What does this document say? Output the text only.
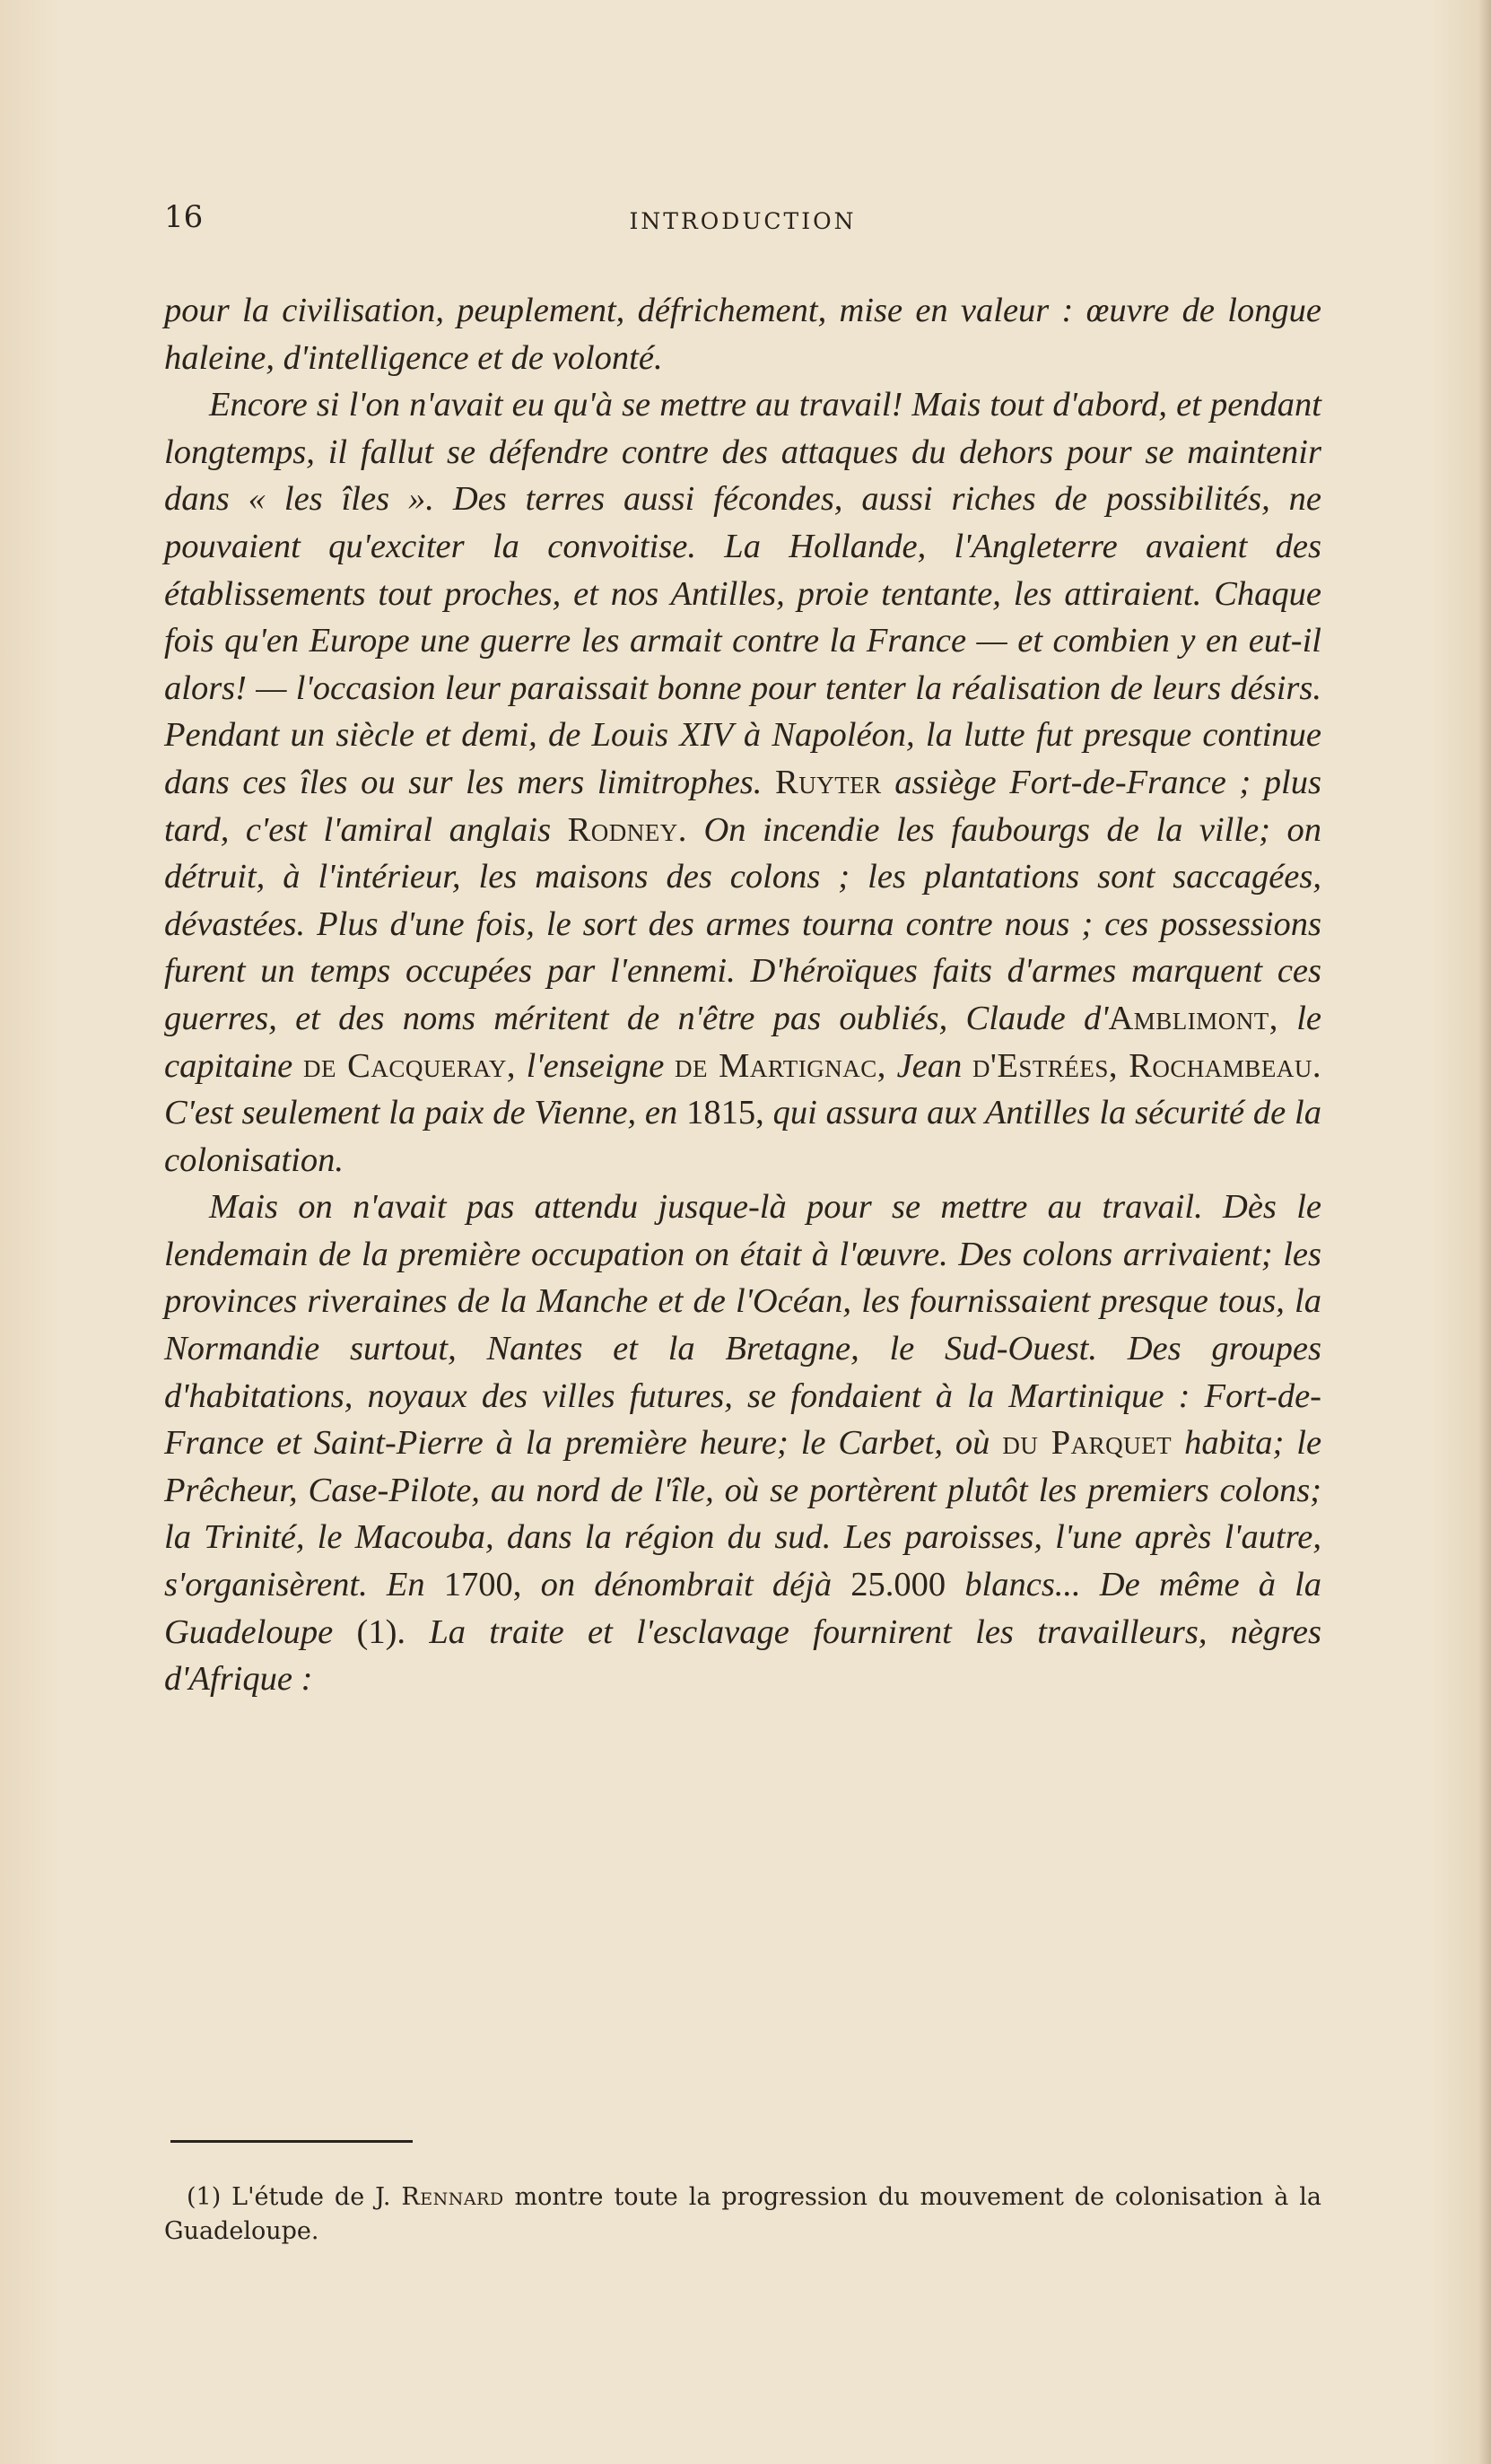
16	INTRODUCTION

pour la civilisation, peuplement, défrichement, mise en valeur : œuvre de longue haleine, d'intelligence et de volonté.

Encore si l'on n'avait eu qu'à se mettre au travail! Mais tout d'abord, et pendant longtemps, il fallut se défendre contre des attaques du dehors pour se maintenir dans « les îles ». Des terres aussi fécondes, aussi riches de possibilités, ne pouvaient qu'exciter la convoitise. La Hollande, l'Angleterre avaient des établissements tout proches, et nos Antilles, proie tentante, les attiraient. Chaque fois qu'en Europe une guerre les armait contre la France — et combien y en eut-il alors! — l'occasion leur paraissait bonne pour tenter la réalisation de leurs désirs. Pendant un siècle et demi, de Louis XIV à Napoléon, la lutte fut presque continue dans ces îles ou sur les mers limitrophes. Ruyter assiège Fort-de-France ; plus tard, c'est l'amiral anglais Rodney. On incendie les faubourgs de la ville; on détruit, à l'intérieur, les maisons des colons ; les plantations sont saccagées, dévastées. Plus d'une fois, le sort des armes tourna contre nous ; ces possessions furent un temps occupées par l'ennemi. D'héroïques faits d'armes marquent ces guerres, et des noms méritent de n'être pas oubliés, Claude d'Amblimont, le capitaine de Cacqueray, l'enseigne de Martignac, Jean d'Estrées, Rochambeau. C'est seulement la paix de Vienne, en 1815, qui assura aux Antilles la sécurité de la colonisation.

Mais on n'avait pas attendu jusque-là pour se mettre au travail. Dès le lendemain de la première occupation on était à l'œuvre. Des colons arrivaient; les provinces riveraines de la Manche et de l'Océan, les fournissaient presque tous, la Normandie surtout, Nantes et la Bretagne, le Sud-Ouest. Des groupes d'habitations, noyaux des villes futures, se fondaient à la Martinique : Fort-de-France et Saint-Pierre à la première heure; le Carbet, où du Parquet habita; le Prêcheur, Case-Pilote, au nord de l'île, où se portèrent plutôt les premiers colons; la Trinité, le Macouba, dans la région du sud. Les paroisses, l'une après l'autre, s'organisèrent. En 1700, on dénombrait déjà 25.000 blancs... De même à la Guadeloupe (1). La traite et l'esclavage fournirent les travailleurs, nègres d'Afrique :

(1) L'étude de J. Rennard montre toute la progression du mouvement de colonisation à la Guadeloupe.
